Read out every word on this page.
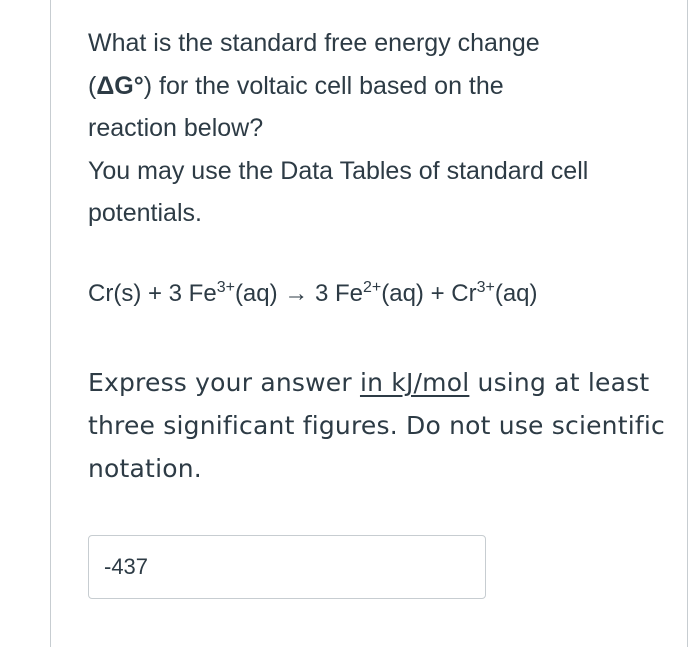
What is the standard free energy change
(ΔG°) for the voltaic cell based on the
reaction below?

You may use the Data Tables of standard cell potentials.

Cr(s) + 3 $Fe^{3+}(aq) \to 3$ $Fe^{2+}(aq) + Cr^{3+}(aq)$

Express your answer in kJ/mol using at least three significant figures. Do not use scientific notation.

-437
